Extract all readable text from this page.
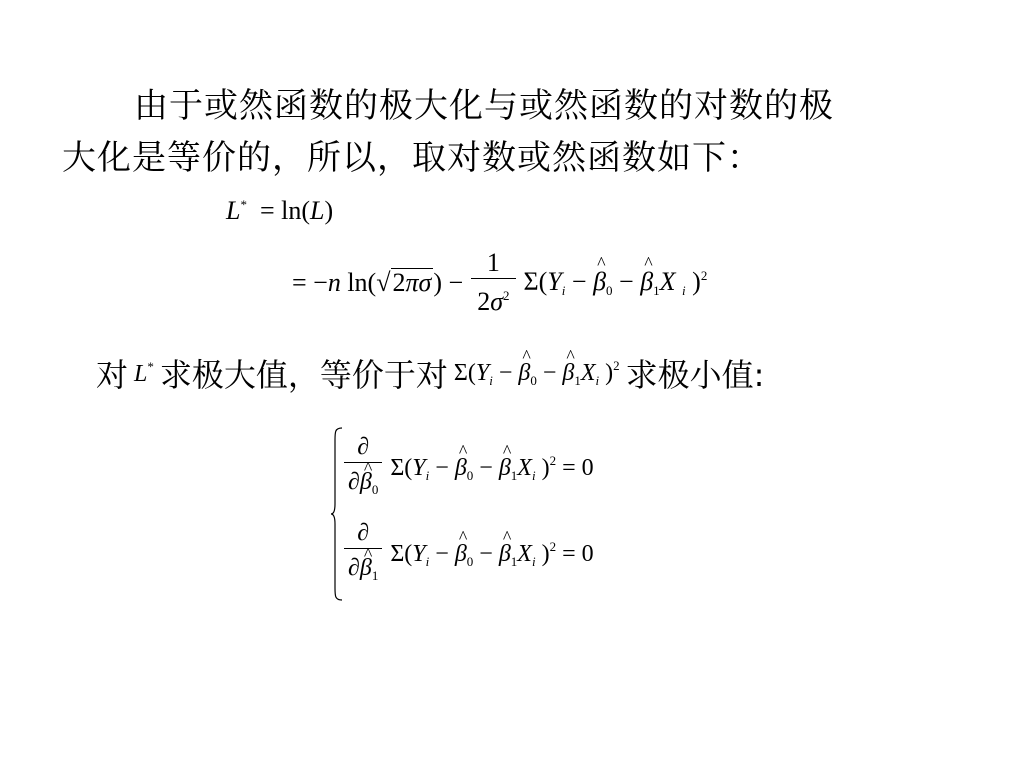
由于或然函数的极大化与或然函数的对数的极
大化是等价的，所以，取对数或然函数如下：
L*  = ln(L)
= −n ln( √ 2πσ ) − $\frac{1}{2\sigma^2} \Sigma(Y_i$ − ^ $\beta_0$ − ^ $\beta_1X$ $_i$ )$^2$
对 L* 求极大值，等价于对 $\Sigma(Y_i$ − ^ $\beta_0$ − ^ $\beta_1X_i$ )$^2$ 求极小值:
$\frac{\partial}{\partial\^{} \beta_0} \Sigma(Y_i$ − ^ $\beta_0$ − ^ $\beta_1X_i$ )$^2$ = 0
$\frac{\partial}{\partial\^{} \beta_1} \Sigma(Y_i$ − ^ $\beta_0$ − ^ $\beta_1X_i$ )$^2$ = 0
